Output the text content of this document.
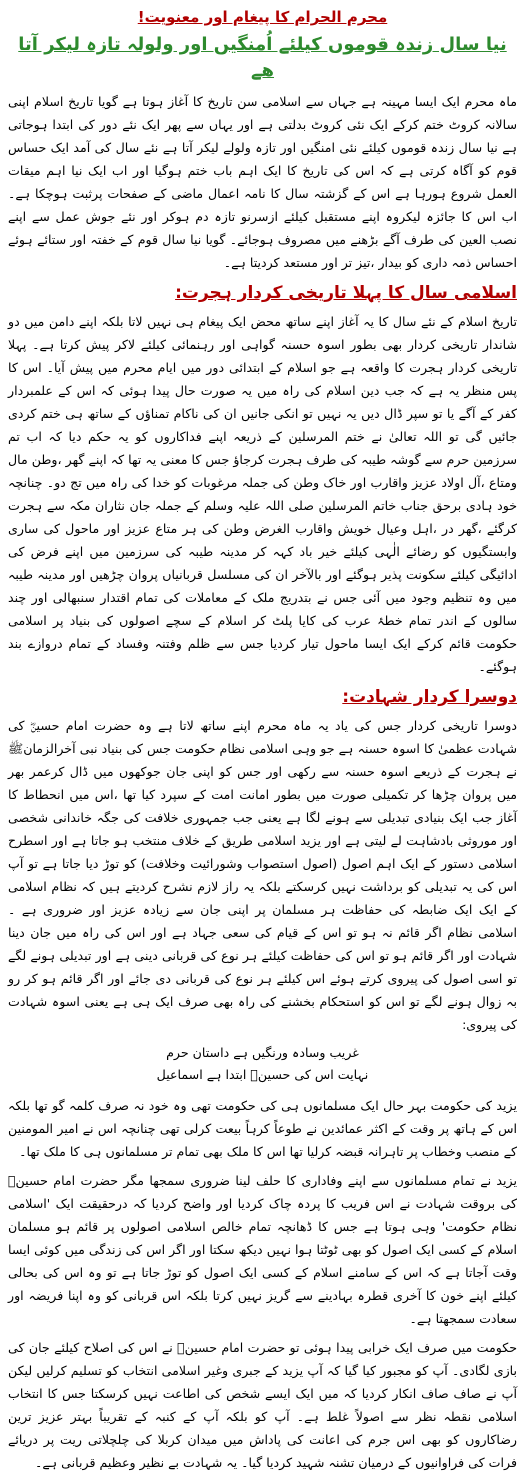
محرم الحرام کا پیغام اور معنویت!
نیا سال زندہ قوموں کیلئے اُمنگیں اور ولولہ تازہ لیکر آتا ھے

ماہ محرم ایک ایسا مہینہ ہے جہاں سے اسلامی سن تاریخ کا آغاز ہوتا ہے گویا تاریخ اسلام اپنی سالانہ کروٹ ختم کرکے ایک نئی کروٹ بدلتی ہے اور یہاں سے پھر ایک نئے دور کی ابتدا ہوجاتی ہے نیا سال زندہ قوموں کیلئے نئی امنگیں اور تازہ ولولے لیکر آتا ہے نئے سال کی آمد ایک حساس قوم کو آگاہ کرتی ہے کہ اس کی تاریخ کا ایک اہم باب ختم ہوگیا اور اب ایک نیا اہم میقات العمل شروع ہورہا ہے اس کے گزشتہ سال کا نامہ اعمال ماضی کے صفحات پرثبت ہوچکا ہے۔ اب اس کا جائزہ لیکروہ اپنے مستقبل کیلئے ازسرنو تازہ دم ہوکر اور نئے جوش عمل سے اپنے نصب العین کی طرف آگے بڑھنے میں مصروف ہوجائے۔ گویا نیا سال قوم کے خفتہ اور ستائے ہوئے احساس ذمہ داری کو بیدار ،تیز تر اور مستعد کردیتا ہے۔

اسلامی سال کا پہلا تاریخی کردار ہجرت:

تاریخ اسلام کے نئے سال کا یہ آغاز اپنے ساتھ محض ایک پیغام ہی نہیں لاتا بلکہ اپنے دامن میں دو شاندار تاریخی کردار بھی بطور اسوہ حسنہ گواہی اور رہنمائی کیلئے لاکر پیش کرتا ہے۔ پہلا تاریخی کردار ہجرت کا واقعہ ہے جو اسلام کے ابتدائی دور میں ایام محرم میں پیش آیا۔ اس کا پس منظر یہ ہے کہ جب دین اسلام کی راہ میں یہ صورت حال پیدا ہوئی کہ اس کے علمبردار کفر کے آگے یا تو سپر ڈال دیں یہ نہیں تو انکی جانیں ان کی ناکام تمناؤں کے ساتھ ہی ختم کردی جائیں گی تو اللہ تعالیٰ نے ختم المرسلین کے ذریعہ اپنے فداکاروں کو یہ حکم دیا کہ اب تم سرزمین حرم سے گوشہ طیبہ کی طرف ہجرت کرجاؤ جس کا معنی یہ تھا کہ اپنے گھر ،وطن مال ومتاع ،آل اولاد عزیز واقارب اور خاک وطن کی جملہ مرغوبات کو خدا کی راہ میں تج دو۔ چنانچہ خود ہادی برحق جناب خاتم المرسلین صلی اللہ علیہ وسلم کے جملہ جان نثاران مکہ سے ہجرت کرگئے ،گھر در ،اہل وعیال خویش واقارب الغرض وطن کی ہر متاع عزیز اور ماحول کی ساری وابستگیوں کو رضائے الٰہی کیلئے خیر باد کہہ کر مدینہ طیبہ کی سرزمین میں اپنے فرض کی ادائیگی کیلئے سکونت پذیر ہوگئے اور بالآخر ان کی مسلسل قربانیاں پروان چڑھیں اور مدینہ طیبہ میں وہ تنظیم وجود میں آئی جس نے بتدریج ملک کے معاملات کی تمام اقتدار سنبھالی اور چند سالوں کے اندر تمام خطۂ عرب کی کایا پلٹ کر اسلام کے سچے اصولوں کی بنیاد پر اسلامی حکومت قائم کرکے ایک ایسا ماحول تیار کردیا جس سے ظلم وفتنہ وفساد کے تمام دروازے بند ہوگئے۔

دوسرا کردار شہادت:

دوسرا تاریخی کردار جس کی یاد یہ ماہ محرم اپنے ساتھ لاتا ہے وہ حضرت امام حسینؓ کی شہادت عظمیٰ کا اسوہ حسنہ ہے جو وہی اسلامی نظام حکومت جس کی بنیاد نبی آخرالزمانﷺ نے ہجرت کے ذریعے اسوہ حسنہ سے رکھی اور جس کو اپنی جان جوکھوں میں ڈال کرعمر بھر میں پروان چڑھا کر تکمیلی صورت میں بطور امانت امت کے سپرد کیا تھا ،اس میں انحطاط کا آغاز جب ایک بنیادی تبدیلی سے ہونے لگا ہے یعنی جب جمہوری خلافت کی جگہ خاندانی شخصی اور موروثی بادشاہت لے لیتی ہے اور یزید اسلامی طریق کے خلاف منتخب ہو جاتا ہے اور اسطرح اسلامی دستور کے ایک اہم اصول (اصول استصواب وشورائیت وخلافت) کو توڑ دیا جاتا ہے تو آپ اس کی یہ تبدیلی کو برداشت نہیں کرسکتے بلکہ یہ راز لازم نشرح کردیتے ہیں کہ نظام اسلامی کے ایک ایک ضابطہ کی حفاظت ہر مسلمان پر اپنی جان سے زیادہ عزیز اور ضروری ہے ۔ اسلامی نظام اگر قائم نہ ہو تو اس کے قیام کی سعی جہاد ہے اور اس کی راہ میں جان دینا شہادت اور اگر قائم ہو تو اس کی حفاظت کیلئے ہر نوع کی قربانی دینی ہے اور تبدیلی ہونے لگے تو اسی اصول کی پیروی کرتے ہوئے اس کیلئے ہر نوع کی قربانی دی جائے اور اگر قائم ہو کر رو بہ زوال ہونے لگے تو اس کو استحکام بخشنے کی راہ بھی صرف ایک ہی ہے یعنی اسوہ شہادت کی پیروی:

غریب وسادہ ورنگیں ہے داستان حرم
نہایت اس کی حسینؓ ابتدا ہے اسماعیل

یزید کی حکومت بہر حال ایک مسلمانوں ہی کی حکومت تھی وہ خود نہ صرف کلمہ گو تھا بلکہ اس کے ہاتھ پر وقت کے اکثر عمائدین نے طوعاً کرہاً بیعت کرلی تھی چنانچہ اس نے امیر المومنین کے منصب وخطاب پر تاہرانہ قبضہ کرلیا تھا اس کا ملک بھی تمام تر مسلمانوں ہی کا ملک تھا۔

یزید نے تمام مسلمانوں سے اپنے وفاداری کا حلف لینا ضروری سمجھا مگر حضرت امام حسینؓ کی بروقت شہادت نے اس فریب کا پردہ چاک کردیا اور واضح کردیا کہ درحقیقت ایک 'اسلامی نظام حکومت' وہی ہوتا ہے جس کا ڈھانچہ تمام خالص اسلامی اصولوں پر قائم ہو مسلمان اسلام کے کسی ایک اصول کو بھی ٹوٹتا ہوا نہیں دیکھ سکتا اور اگر اس کی زندگی میں کوئی ایسا وقت آجاتا ہے کہ اس کے سامنے اسلام کے کسی ایک اصول کو توڑ جاتا ہے تو وہ اس کی بحالی کیلئے اپنے خون کا آخری قطرہ بہادینے سے گریز نہیں کرتا بلکہ اس قربانی کو وہ اپنا فریضہ اور سعادت سمجھتا ہے۔

حکومت میں صرف ایک خرابی پیدا ہوئی تو حضرت امام حسینؓ نے اس کی اصلاح کیلئے جان کی بازی لگادی۔ آپ کو مجبور کیا گیا کہ آپ یزید کے جبری وغیر اسلامی انتخاب کو تسلیم کرلیں لیکن آپ نے صاف صاف انکار کردیا کہ میں ایک ایسے شخص کی اطاعت نہیں کرسکتا جس کا انتخاب اسلامی نقطہ نظر سے اصولاً غلط ہے۔ آپ کو بلکہ آپ کے کنبہ کے تقریباً بہتر عزیز ترین رضاکاروں کو بھی اس جرم کی اعانت کی پاداش میں میدان کربلا کی چلچلاتی ریت پر دریائے فرات کی فراوانیوں کے درمیان تشنہ شہید کردیا گیا۔ یہ شہادت بے نظیر وعظیم قربانی ہے۔
